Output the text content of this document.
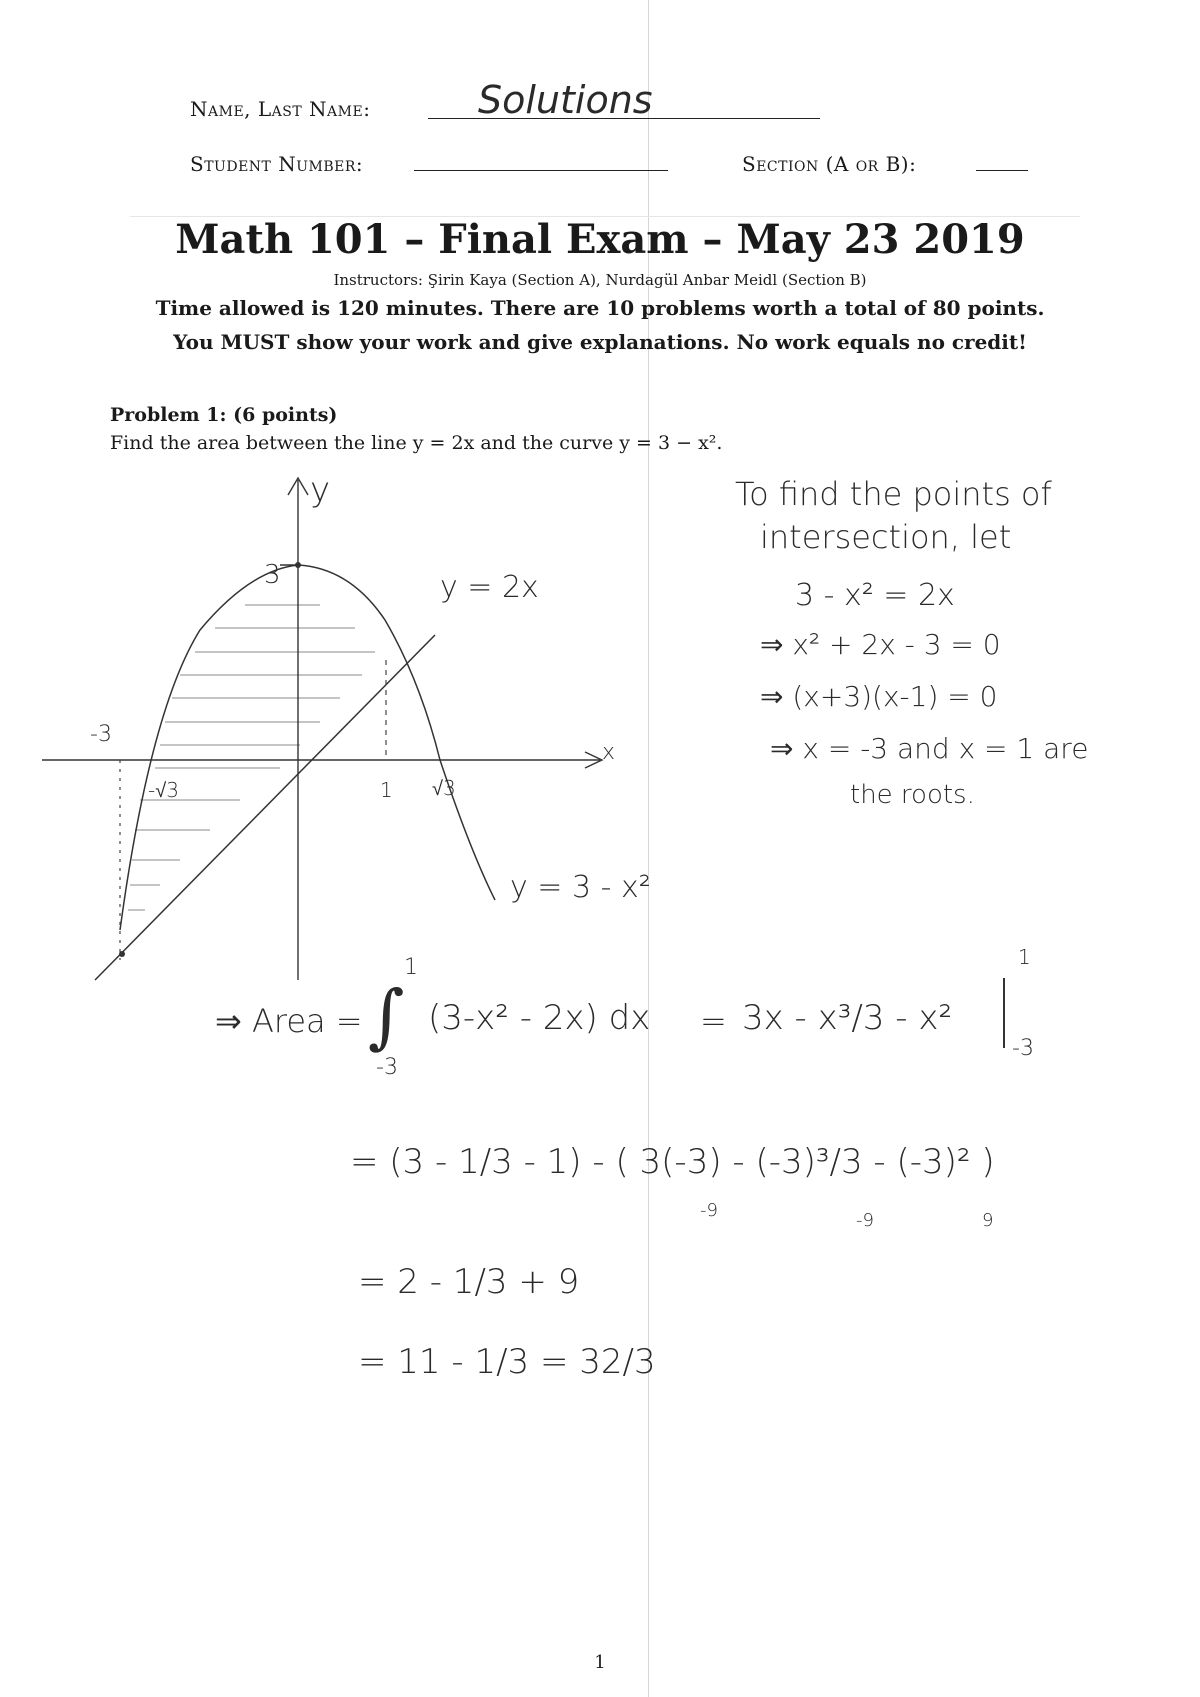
Name, Last Name:	Solutions
Student Number:	Section (A or B):
Math 101 – Final Exam – May 23 2019
Instructors: Şirin Kaya (Section A), Nurdagül Anbar Meidl (Section B)
Time allowed is 120 minutes. There are 10 problems worth a total of 80 points.
You MUST show your work and give explanations. No work equals no credit!
Problem 1: (6 points)
Find the area between the line y = 2x and the curve y = 3 − x².
y
x
3
-3
-√3	1 √3
y = 2x
y = 3 - x²
To find the points of
intersection, let
3 - x² = 2x
⇒ x² + 2x - 3 = 0
⇒ (x+3)(x-1) = 0
⇒ x = -3 and x = 1 are
the roots.
⇒ Area =
1
∫
-3
(3-x² - 2x) dx = 3x - x³/3 - x²
1
-3
= (3 - 1/3 - 1) - ( 3(-3) - (-3)³/3 - (-3)² )
-9	-9	9
= 2 - 1/3 + 9
= 11 - 1/3 = 32/3
1
